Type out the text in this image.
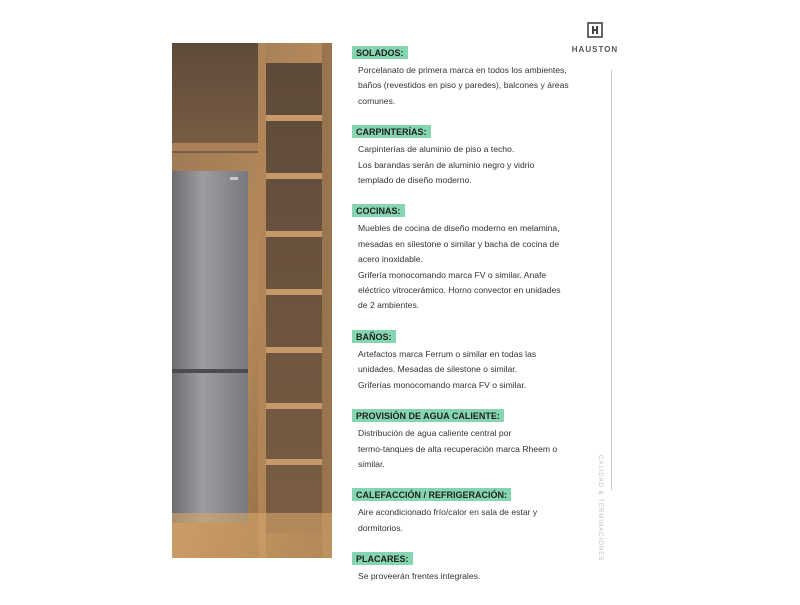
HAUSTON
CALIDAD & TERMINACIONES
SOLADOS:

Porcelanato de primera marca en todos los ambientes,

baños (revestidos en piso y paredes), balcones y áreas

comunes.

CARPINTERÍAS:

Carpinterías de aluminio de piso a techo.

Los barandas serán de aluminio negro y vidrio

templado de diseño moderno.

COCINAS:

Muebles de cocina de diseño moderno en melamina,

mesadas en silestone o similar y bacha de cocina de

acero inoxidable.

Grifería monocomando marca FV o similar. Anafe

eléctrico vitrocerámico. Horno convector en unidades

de 2 ambientes.

BAÑOS:

Artefactos marca Ferrum o similar en todas las

unidades. Mesadas de silestone o similar.

Griferías monocomando marca FV o similar.

PROVISIÓN DE AGUA CALIENTE:

Distribución de agua caliente central por

termo-tanques de alta recuperación marca Rheem o

similar.

CALEFACCIÓN / REFRIGERACIÓN:

Aire acondicionado frío/calor en sala de estar y

dormitorios.

PLACARES:

Se proveerán frentes integrales.
